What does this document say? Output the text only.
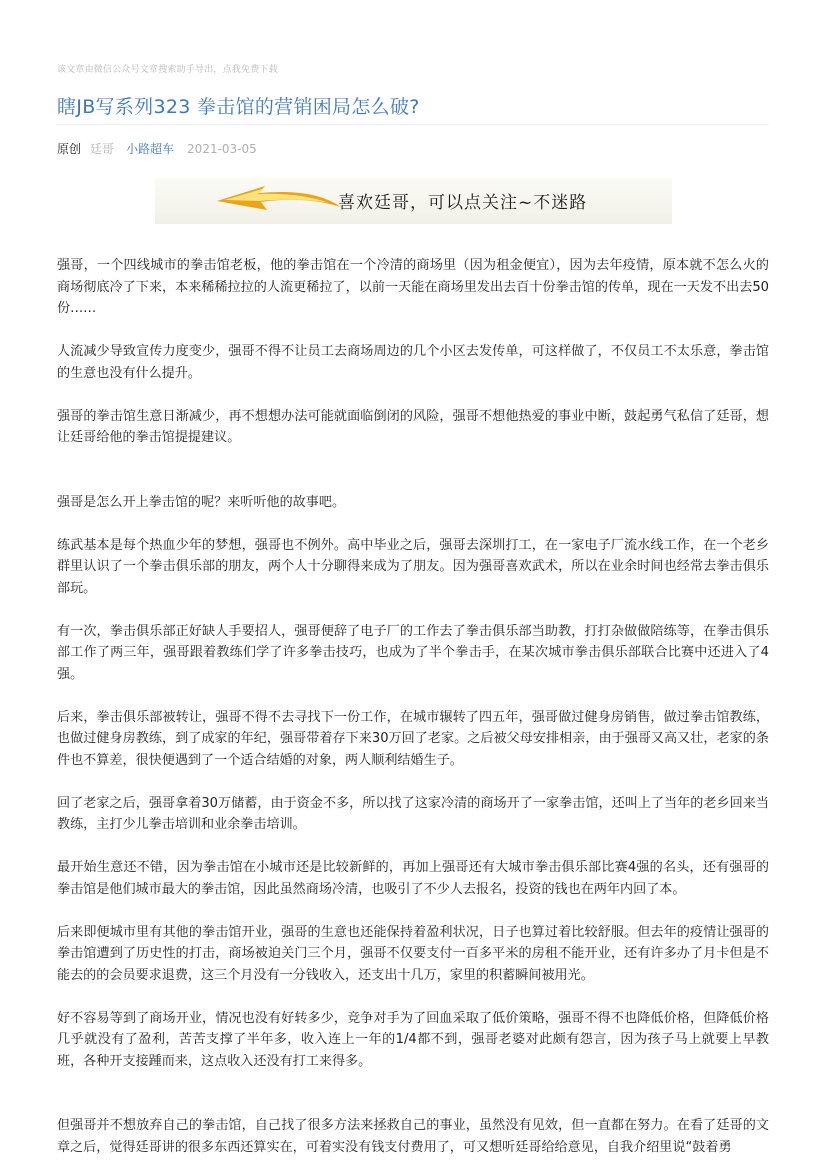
该文章由微信公众号文章搜索助手导出，点我免费下载
瞎JB写系列323 拳击馆的营销困局怎么破?
原创 廷哥 小路超车 2021-03-05
喜欢廷哥，可以点关注~不迷路

强哥，一个四线城市的拳击馆老板，他的拳击馆在一个冷清的商场里（因为租金便宜），因为去年疫情，原本就不怎么火的商场彻底冷了下来，本来稀稀拉拉的人流更稀拉了，以前一天能在商场里发出去百十份拳击馆的传单，现在一天发不出去50份……

人流减少导致宣传力度变少，强哥不得不让员工去商场周边的几个小区去发传单，可这样做了，不仅员工不太乐意，拳击馆的生意也没有什么提升。

强哥的拳击馆生意日渐减少，再不想想办法可能就面临倒闭的风险，强哥不想他热爱的事业中断，鼓起勇气私信了廷哥，想让廷哥给他的拳击馆提提建议。

强哥是怎么开上拳击馆的呢？来听听他的故事吧。

练武基本是每个热血少年的梦想，强哥也不例外。高中毕业之后，强哥去深圳打工，在一家电子厂流水线工作，在一个老乡群里认识了一个拳击俱乐部的朋友，两个人十分聊得来成为了朋友。因为强哥喜欢武术，所以在业余时间也经常去拳击俱乐部玩。

有一次，拳击俱乐部正好缺人手要招人，强哥便辞了电子厂的工作去了拳击俱乐部当助教，打打杂做做陪练等，在拳击俱乐部工作了两三年，强哥跟着教练们学了许多拳击技巧，也成为了半个拳击手，在某次城市拳击俱乐部联合比赛中还进入了4强。

后来，拳击俱乐部被转让，强哥不得不去寻找下一份工作，在城市辗转了四五年，强哥做过健身房销售，做过拳击馆教练，也做过健身房教练，到了成家的年纪，强哥带着存下来30万回了老家。之后被父母安排相亲，由于强哥又高又壮，老家的条件也不算差，很快便遇到了一个适合结婚的对象，两人顺利结婚生子。

回了老家之后，强哥拿着30万储蓄，由于资金不多，所以找了这家冷清的商场开了一家拳击馆，还叫上了当年的老乡回来当教练，主打少儿拳击培训和业余拳击培训。

最开始生意还不错，因为拳击馆在小城市还是比较新鲜的，再加上强哥还有大城市拳击俱乐部比赛4强的名头，还有强哥的拳击馆是他们城市最大的拳击馆，因此虽然商场冷清，也吸引了不少人去报名，投资的钱也在两年内回了本。

后来即便城市里有其他的拳击馆开业，强哥的生意也还能保持着盈利状况，日子也算过着比较舒服。但去年的疫情让强哥的拳击馆遭到了历史性的打击，商场被迫关门三个月，强哥不仅要支付一百多平米的房租不能开业，还有许多办了月卡但是不能去的的会员要求退费，这三个月没有一分钱收入，还支出十几万，家里的积蓄瞬间被用光。

好不容易等到了商场开业，情况也没有好转多少，竞争对手为了回血采取了低价策略，强哥不得不也降低价格，但降低价格几乎就没有了盈利，苦苦支撑了半年多，收入连上一年的1/4都不到，强哥老婆对此颇有怨言，因为孩子马上就要上早教班，各种开支接踵而来，这点收入还没有打工来得多。

但强哥并不想放弃自己的拳击馆，自己找了很多方法来拯救自己的事业，虽然没有见效，但一直都在努力。在看了廷哥的文章之后，觉得廷哥讲的很多东西还算实在，可着实没有钱支付费用了，可又想听廷哥给给意见，自我介绍里说“鼓着勇
